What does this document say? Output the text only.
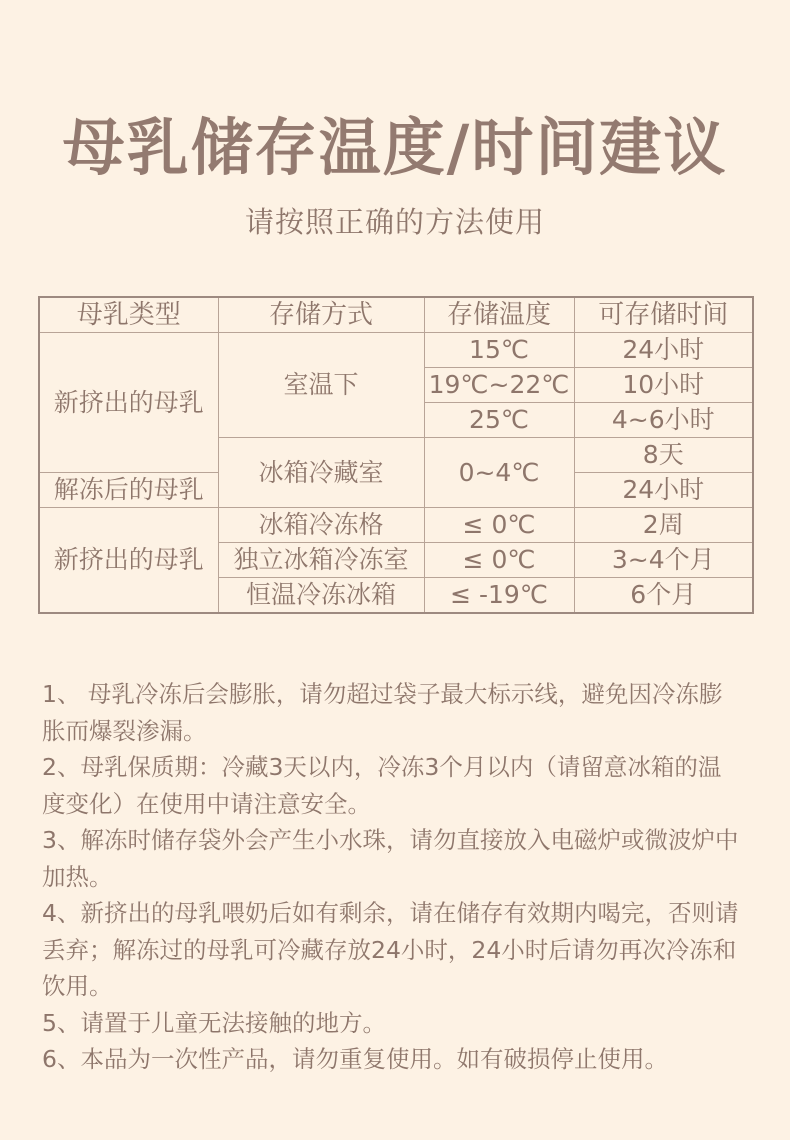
母乳储存温度/时间建议
请按照正确的方法使用
母乳类型	存储方式	存储温度	可存储时间
新挤出的母乳	室温下	15℃	24小时
		19℃~22℃	10小时
		25℃	4~6小时
	冰箱冷藏室	0~4℃	8天
解冻后的母乳			24小时
新挤出的母乳	冰箱冷冻格	≤ 0℃	2周
	独立冰箱冷冻室	≤ 0℃	3~4个月
	恒温冷冻冰箱	≤ -19℃	6个月

1、 母乳冷冻后会膨胀，请勿超过袋子最大标示线，避免因冷冻膨胀而爆裂渗漏。

2、母乳保质期：冷藏3天以内，冷冻3个月以内（请留意冰箱的温度变化）在使用中请注意安全。

3、解冻时储存袋外会产生小水珠，请勿直接放入电磁炉或微波炉中加热。

4、新挤出的母乳喂奶后如有剩余，请在储存有效期内喝完，否则请丢弃；解冻过的母乳可冷藏存放24小时，24小时后请勿再次冷冻和饮用。

5、请置于儿童无法接触的地方。

6、本品为一次性产品，请勿重复使用。如有破损停止使用。
